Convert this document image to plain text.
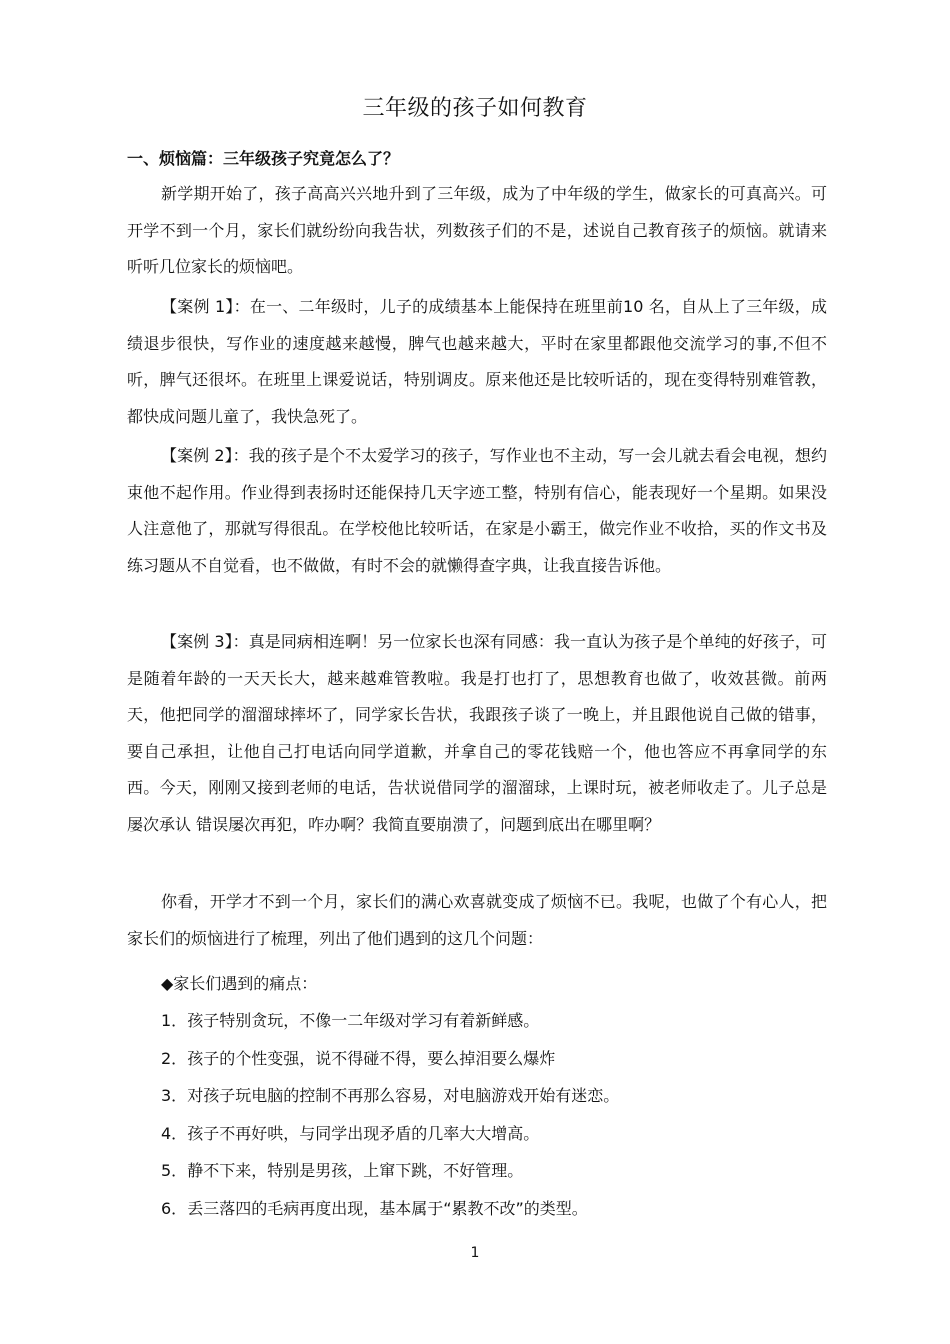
三年级的孩子如何教育
一、烦恼篇：三年级孩子究竟怎么了？

新学期开始了，孩子高高兴兴地升到了三年级，成为了中年级的学生，做家长的可真高兴。可开学不到一个月，家长们就纷纷向我告状，列数孩子们的不是，述说自己教育孩子的烦恼。就请来听听几位家长的烦恼吧。

【案例 1】：在一、二年级时，儿子的成绩基本上能保持在班里前10 名，自从上了三年级，成绩退步很快，写作业的速度越来越慢，脾气也越来越大，平时在家里都跟他交流学习的事,不但不听，脾气还很坏。在班里上课爱说话，特别调皮。原来他还是比较听话的，现在变得特别难管教，都快成问题儿童了，我快急死了。

【案例 2】：我的孩子是个不太爱学习的孩子，写作业也不主动，写一会儿就去看会电视，想约束他不起作用。作业得到表扬时还能保持几天字迹工整，特别有信心，能表现好一个星期。如果没人注意他了，那就写得很乱。在学校他比较听话，在家是小霸王，做完作业不收拾，买的作文书及练习题从不自觉看，也不做做，有时不会的就懒得查字典，让我直接告诉他。

【案例 3】：真是同病相连啊！另一位家长也深有同感：我一直认为孩子是个单纯的好孩子，可是随着年龄的一天天长大，越来越难管教啦。我是打也打了，思想教育也做了，收效甚微。前两天，他把同学的溜溜球摔坏了，同学家长告状，我跟孩子谈了一晚上，并且跟他说自己做的错事，要自己承担，让他自己打电话向同学道歉，并拿自己的零花钱赔一个，他也答应不再拿同学的东西。今天，刚刚又接到老师的电话，告状说借同学的溜溜球，上课时玩，被老师收走了。儿子总是屡次承认 错误屡次再犯，咋办啊？我简直要崩溃了，问题到底出在哪里啊？

你看，开学才不到一个月，家长们的满心欢喜就变成了烦恼不已。我呢，也做了个有心人，把家长们的烦恼进行了梳理，列出了他们遇到的这几个问题：

◆家长们遇到的痛点：
1．孩子特别贪玩，不像一二年级对学习有着新鲜感。
2．孩子的个性变强，说不得碰不得，要么掉泪要么爆炸
3．对孩子玩电脑的控制不再那么容易，对电脑游戏开始有迷恋。
4．孩子不再好哄，与同学出现矛盾的几率大大增高。
5．静不下来，特别是男孩，上窜下跳，不好管理。
6．丢三落四的毛病再度出现，基本属于“累教不改”的类型。
1
